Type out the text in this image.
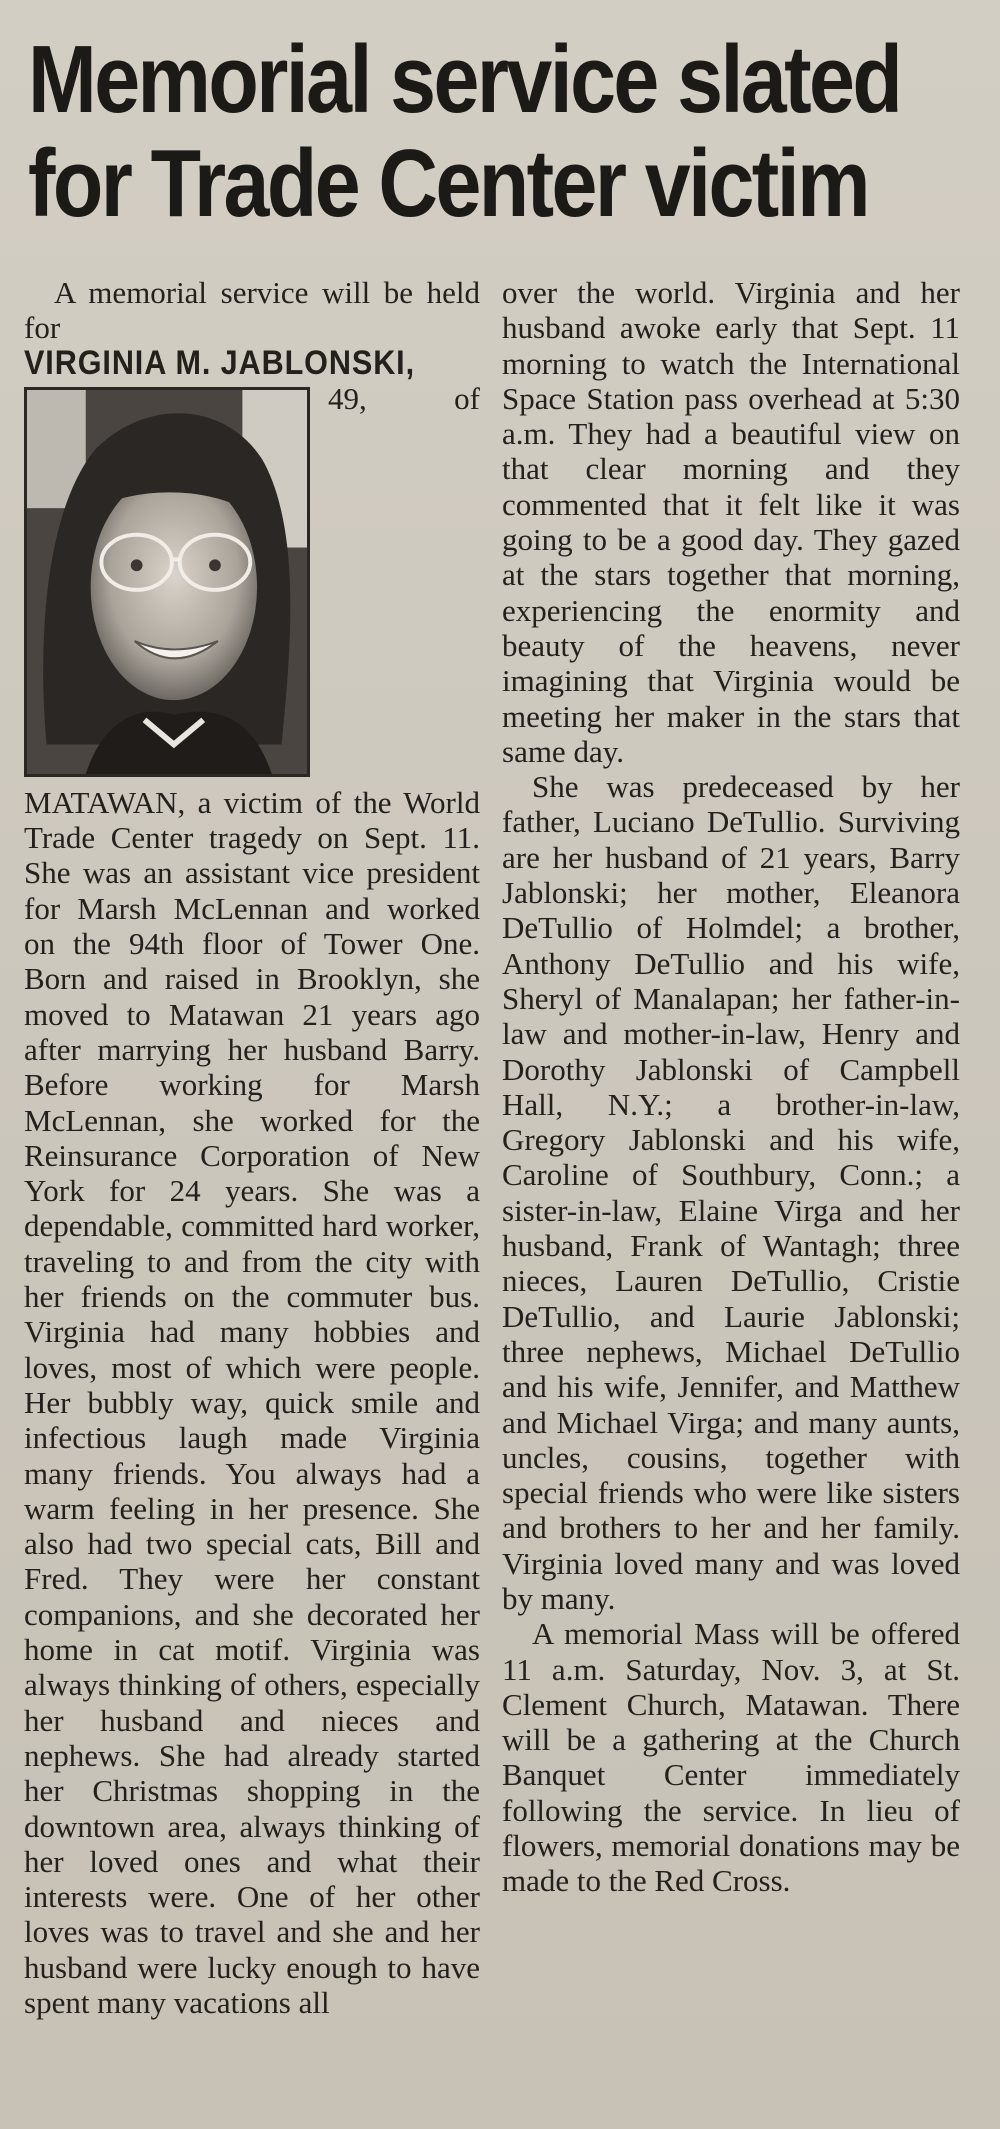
Memorial service slated
for Trade Center victim

A memorial service will be held for

VIRGINIA M. JABLONSKI,

49, of MATAWAN, a victim of the World Trade Center tragedy on Sept. 11. She was an assistant vice president for Marsh McLennan and worked on the 94th floor of Tower One. Born and raised in Brooklyn, she moved to Matawan 21 years ago after marrying her husband Barry. Before working for Marsh McLennan, she worked for the Reinsurance Corporation of New York for 24 years. She was a dependable, committed hard worker, traveling to and from the city with her friends on the commuter bus. Virginia had many hobbies and loves, most of which were people. Her bubbly way, quick smile and infectious laugh made Virginia many friends. You always had a warm feeling in her presence. She also had two special cats, Bill and Fred. They were her constant companions, and she decorated her home in cat motif. Virginia was always thinking of others, especially her husband and nieces and nephews. She had already started her Christmas shopping in the downtown area, always thinking of her loved ones and what their interests were. One of her other loves was to travel and she and her husband were lucky enough to have spent many vacations all

over the world. Virginia and her husband awoke early that Sept. 11 morning to watch the International Space Station pass overhead at 5:30 a.m. They had a beautiful view on that clear morning and they commented that it felt like it was going to be a good day. They gazed at the stars together that morning, experiencing the enormity and beauty of the heavens, never imagining that Virginia would be meeting her maker in the stars that same day.

She was predeceased by her father, Luciano DeTullio. Surviving are her husband of 21 years, Barry Jablonski; her mother, Eleanora DeTullio of Holmdel; a brother, Anthony DeTullio and his wife, Sheryl of Manalapan; her father-in-law and mother-in-law, Henry and Dorothy Jablonski of Campbell Hall, N.Y.; a brother-in-law, Gregory Jablonski and his wife, Caroline of Southbury, Conn.; a sister-in-law, Elaine Virga and her husband, Frank of Wantagh; three nieces, Lauren DeTullio, Cristie DeTullio, and Laurie Jablonski; three nephews, Michael DeTullio and his wife, Jennifer, and Matthew and Michael Virga; and many aunts, uncles, cousins, together with special friends who were like sisters and brothers to her and her family. Virginia loved many and was loved by many.

A memorial Mass will be offered 11 a.m. Saturday, Nov. 3, at St. Clement Church, Matawan. There will be a gathering at the Church Banquet Center immediately following the service. In lieu of flowers, memorial donations may be made to the Red Cross.
